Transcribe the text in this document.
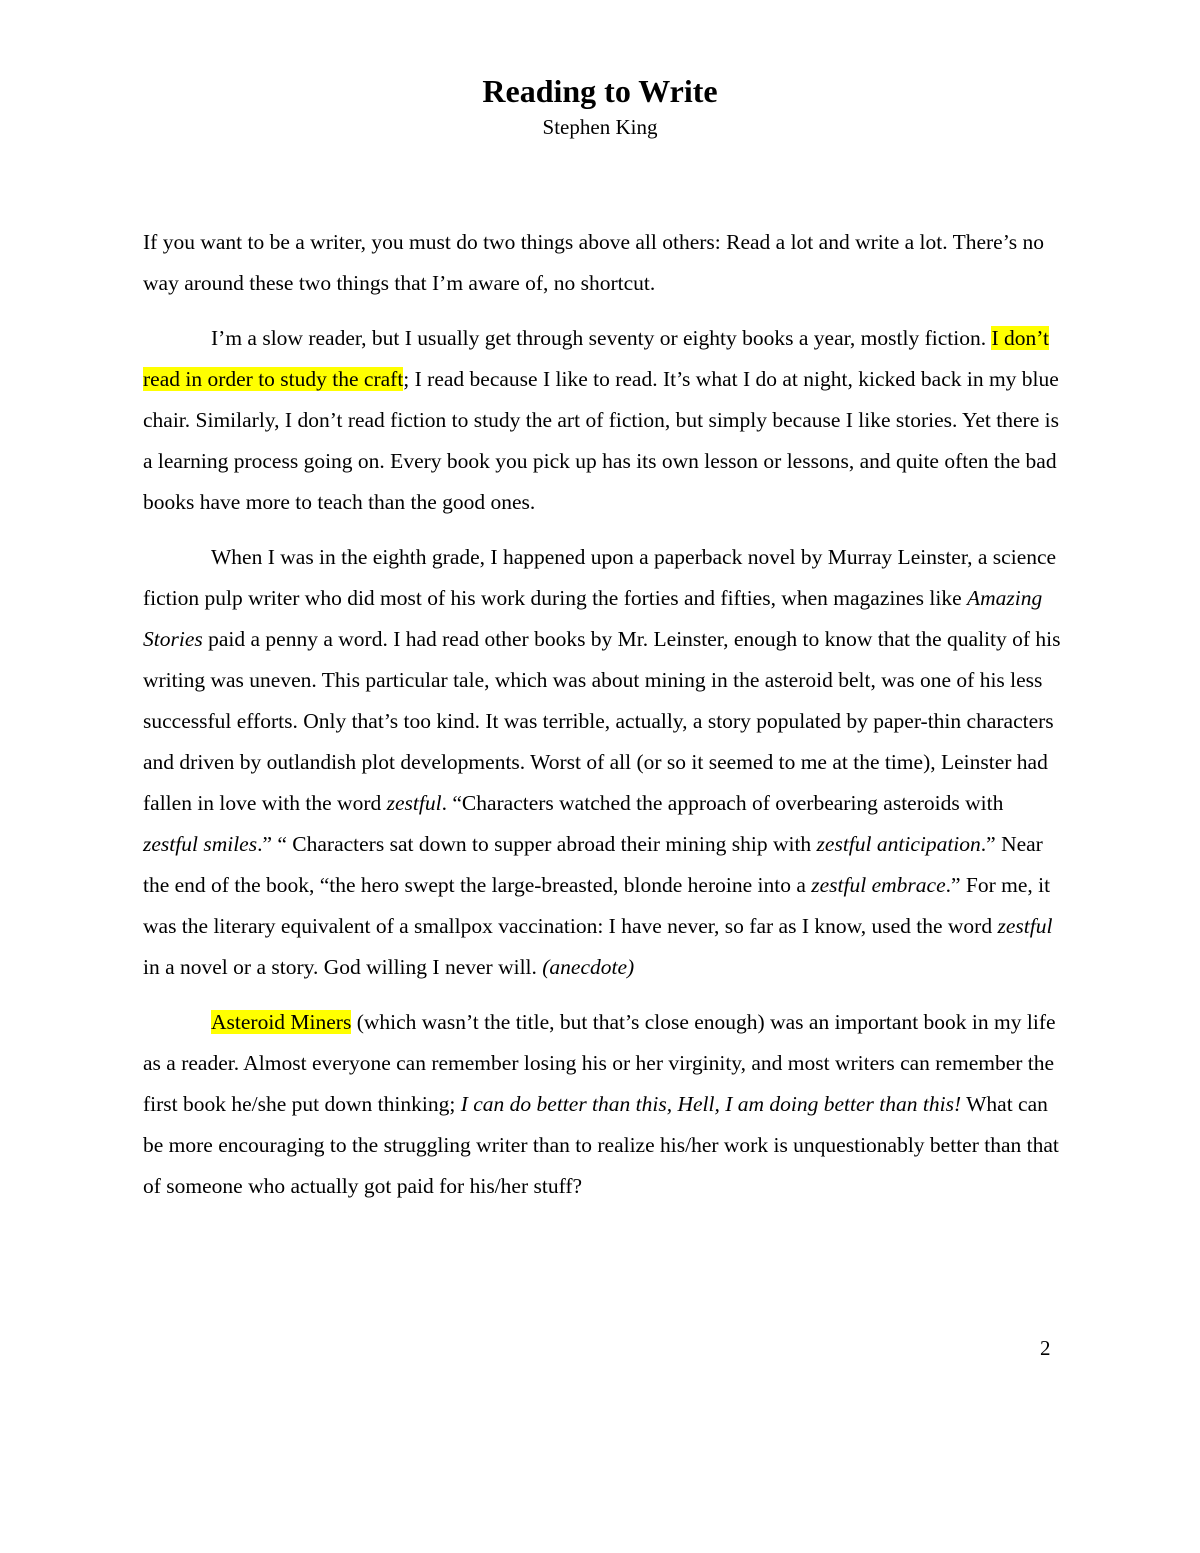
Reading to Write
Stephen King

If you want to be a writer, you must do two things above all others: Read a lot and write a lot. There’s no way around these two things that I’m aware of, no shortcut.

I’m a slow reader, but I usually get through seventy or eighty books a year, mostly fiction. I don’t read in order to study the craft; I read because I like to read. It’s what I do at night, kicked back in my blue chair. Similarly, I don’t read fiction to study the art of fiction, but simply because I like stories. Yet there is a learning process going on. Every book you pick up has its own lesson or lessons, and quite often the bad books have more to teach than the good ones.

When I was in the eighth grade, I happened upon a paperback novel by Murray Leinster, a science fiction pulp writer who did most of his work during the forties and fifties, when magazines like Amazing Stories paid a penny a word. I had read other books by Mr. Leinster, enough to know that the quality of his writing was uneven. This particular tale, which was about mining in the asteroid belt, was one of his less successful efforts. Only that’s too kind. It was terrible, actually, a story populated by paper-thin characters and driven by outlandish plot developments. Worst of all (or so it seemed to me at the time), Leinster had fallen in love with the word zestful. “Characters watched the approach of overbearing asteroids with zestful smiles.” “ Characters sat down to supper abroad their mining ship with zestful anticipation.” Near the end of the book, “the hero swept the large-breasted, blonde heroine into a zestful embrace.” For me, it was the literary equivalent of a smallpox vaccination: I have never, so far as I know, used the word zestful in a novel or a story. God willing I never will. (anecdote)

Asteroid Miners (which wasn’t the title, but that’s close enough) was an important book in my life as a reader. Almost everyone can remember losing his or her virginity, and most writers can remember the first book he/she put down thinking; I can do better than this, Hell, I am doing better than this! What can be more encouraging to the struggling writer than to realize his/her work is unquestionably better than that of someone who actually got paid for his/her stuff?

2
